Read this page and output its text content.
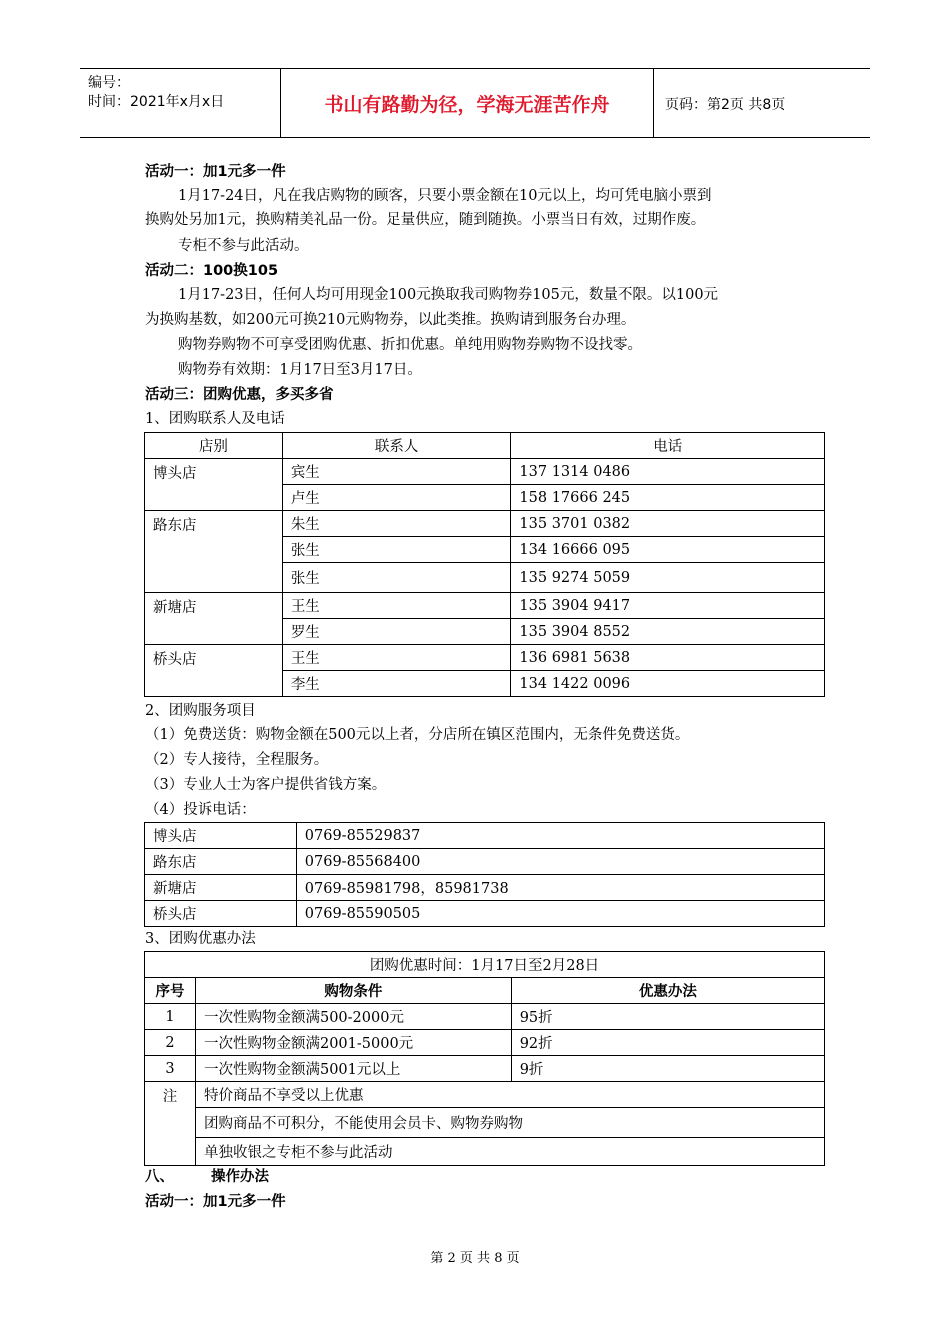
编号：
时间：2021年x月x日	书山有路勤为径，学海无涯苦作舟	页码：第2页 共8页
活动一：加1元多一件
1月17-24日，凡在我店购物的顾客，只要小票金额在10元以上，均可凭电脑小票到
换购处另加1元，换购精美礼品一份。足量供应，随到随换。小票当日有效，过期作废。
专柜不参与此活动。
活动二：100换105
1月17-23日，任何人均可用现金100元换取我司购物券105元，数量不限。以100元
为换购基数，如200元可换210元购物券，以此类推。换购请到服务台办理。
购物券购物不可享受团购优惠、折扣优惠。单纯用购物券购物不设找零。
购物券有效期：1月17日至3月17日。
活动三：团购优惠，多买多省
1、团购联系人及电话
店别	联系人	电话
博头店	宾生	137 1314 0486
	卢生	158 17666 245
路东店	朱生	135 3701 0382
	张生	134 16666 095
	张生	135 9274 5059
新塘店	王生	135 3904 9417
	罗生	135 3904 8552
桥头店	王生	136 6981 5638
	李生	134 1422 0096
2、团购服务项目
（1）免费送货：购物金额在500元以上者，分店所在镇区范围内，无条件免费送货。
（2）专人接待，全程服务。
（3）专业人士为客户提供省钱方案。
（4）投诉电话：
博头店	0769-85529837
路东店	0769-85568400
新塘店	0769-85981798，85981738
桥头店	0769-85590505
3、团购优惠办法
团购优惠时间：1月17日至2月28日		
序号	购物条件	优惠办法
1	一次性购物金额满500-2000元	95折
2	一次性购物金额满2001-5000元	92折
3	一次性购物金额满5001元以上	9折
注	特价商品不享受以上优惠	
	团购商品不可积分，不能使用会员卡、购物券购物	
	单独收银之专柜不参与此活动	
八、	操作办法
活动一：加1元多一件
第 2 页 共 8 页
